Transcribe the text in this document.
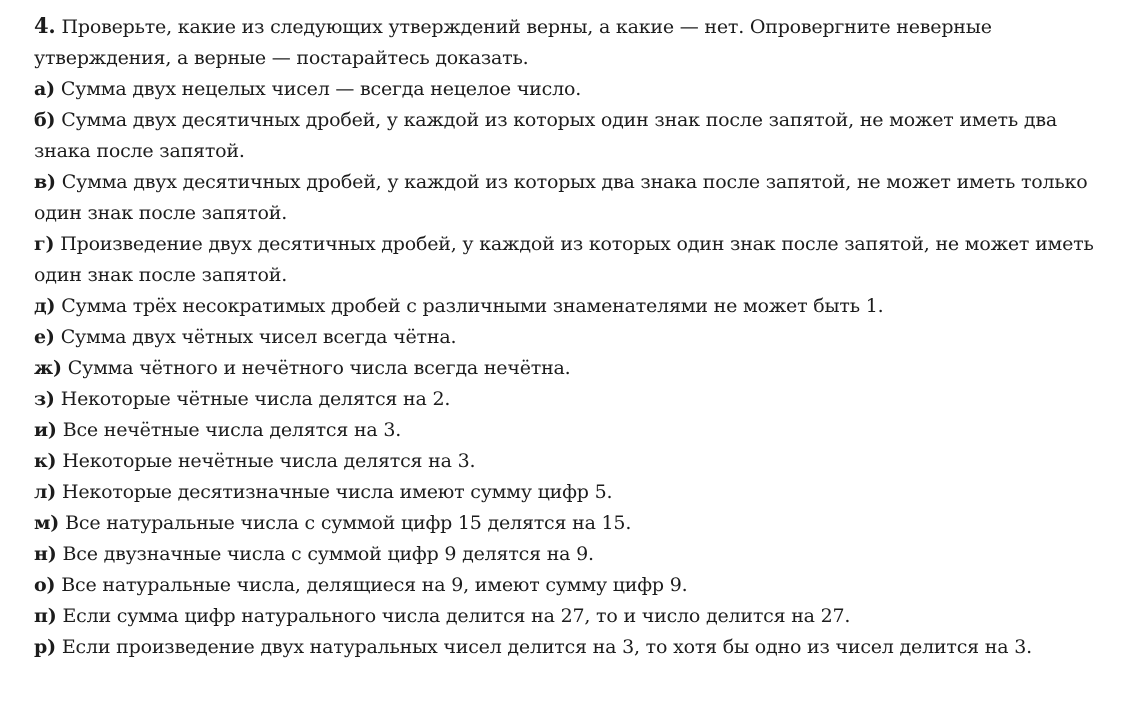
4. Проверьте, какие из следующих утверждений верны, а какие — нет. Опровергните неверные утверждения, а верные — постарайтесь доказать.

а) Сумма двух нецелых чисел — всегда нецелое число.

б) Сумма двух десятичных дробей, у каждой из которых один знак после запятой, не может иметь два знака после запятой.

в) Сумма двух десятичных дробей, у каждой из которых два знака после запятой, не может иметь только один знак после запятой.

г) Произведение двух десятичных дробей, у каждой из которых один знак после запятой, не может иметь один знак после запятой.

д) Сумма трёх несократимых дробей с различными знаменателями не может быть 1.

е) Сумма двух чётных чисел всегда чётна.

ж) Сумма чётного и нечётного числа всегда нечётна.

з) Некоторые чётные числа делятся на 2.

и) Все нечётные числа делятся на 3.

к) Некоторые нечётные числа делятся на 3.

л) Некоторые десятизначные числа имеют сумму цифр 5.

м) Все натуральные числа с суммой цифр 15 делятся на 15.

н) Все двузначные числа с суммой цифр 9 делятся на 9.

о) Все натуральные числа, делящиеся на 9, имеют сумму цифр 9.

п) Если сумма цифр натурального числа делится на 27, то и число делится на 27.

р) Если произведение двух натуральных чисел делится на 3, то хотя бы одно из чисел делится на 3.
